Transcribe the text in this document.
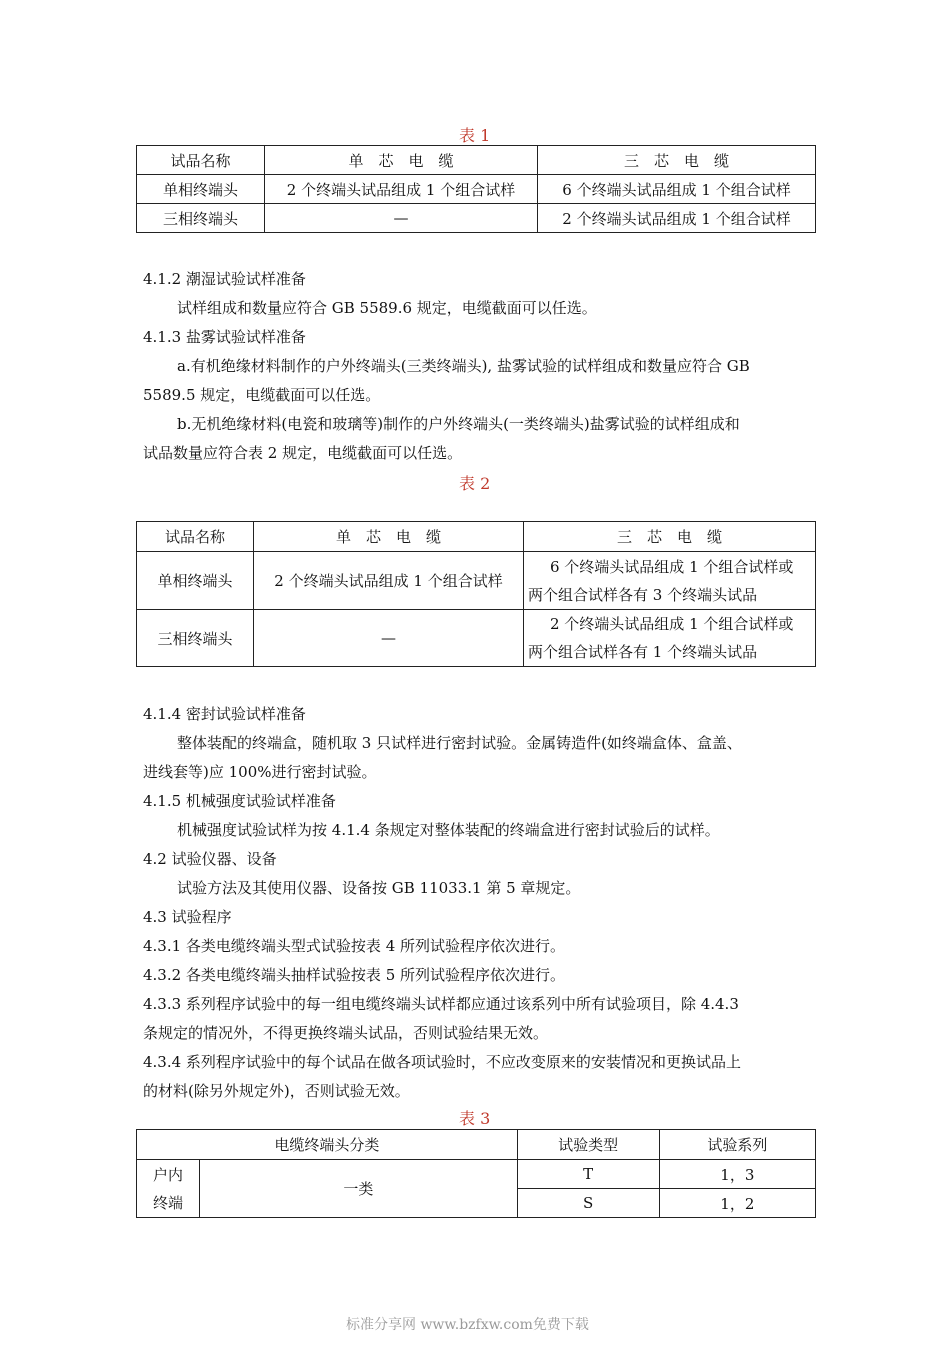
表 1
试品名称	单　芯　电　缆	三　芯　电　缆
单相终端头	2 个终端头试品组成 1 个组合试样	6 个终端头试品组成 1 个组合试样
三相终端头	—	2 个终端头试品组成 1 个组合试样
4.1.2 潮湿试验试样准备
试样组成和数量应符合 GB 5589.6 规定，电缆截面可以任选。
4.1.3 盐雾试验试样准备
a.有机绝缘材料制作的户外终端头(三类终端头), 盐雾试验的试样组成和数量应符合 GB
5589.5 规定，电缆截面可以任选。
b.无机绝缘材料(电瓷和玻璃等)制作的户外终端头(一类终端头)盐雾试验的试样组成和
试品数量应符合表 2 规定，电缆截面可以任选。
表 2
试品名称	单　芯　电　缆	三　芯　电　缆
单相终端头	2 个终端头试品组成 1 个组合试样	6 个终端头试品组成 1 个组合试样或
两个组合试样各有 3 个终端头试品

三相终端头	—	2 个终端头试品组成 1 个组合试样或
两个组合试样各有 1 个终端头试品
4.1.4 密封试验试样准备
整体装配的终端盒，随机取 3 只试样进行密封试验。金属铸造件(如终端盒体、盒盖、
进线套等)应 100%进行密封试验。
4.1.5 机械强度试验试样准备
机械强度试验试样为按 4.1.4 条规定对整体装配的终端盒进行密封试验后的试样。
4.2 试验仪器、设备
试验方法及其使用仪器、设备按 GB 11033.1 第 5 章规定。
4.3 试验程序
4.3.1 各类电缆终端头型式试验按表 4 所列试验程序依次进行。
4.3.2 各类电缆终端头抽样试验按表 5 所列试验程序依次进行。
4.3.3 系列程序试验中的每一组电缆终端头试样都应通过该系列中所有试验项目，除 4.4.3
条规定的情况外，不得更换终端头试品，否则试验结果无效。
4.3.4 系列程序试验中的每个试品在做各项试验时，不应改变原来的安装情况和更换试品上
的材料(除另外规定外)，否则试验无效。
表 3
电缆终端头分类		试验类型	试验系列

户内
终端	一类	T	1，3
		S	1，2
标准分享网 www.bzfxw.com免费下载
